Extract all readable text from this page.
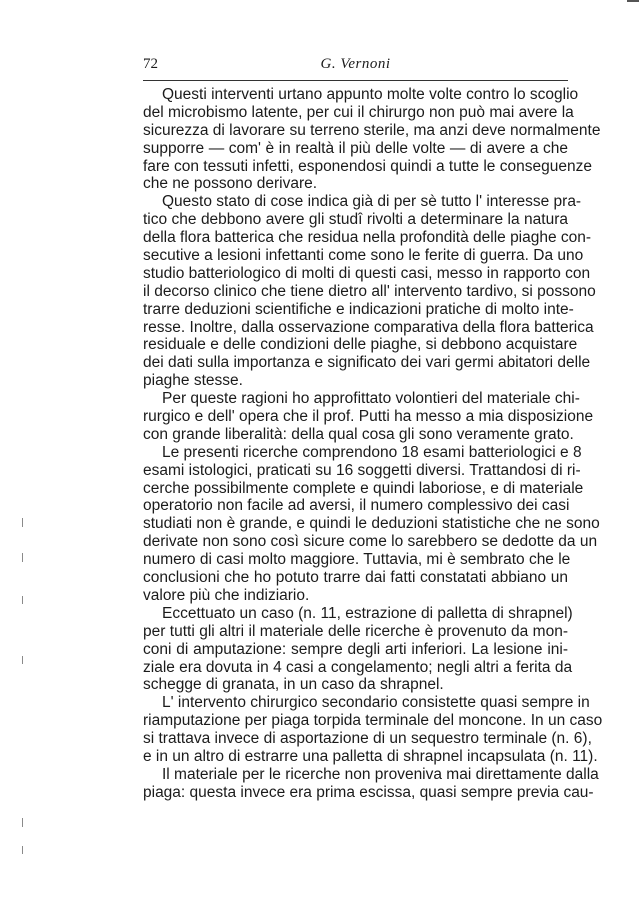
72	G. Vernoni
Questi interventi urtano appunto molte volte contro lo scoglio
del microbismo latente, per cui il chirurgo non può mai avere la
sicurezza di lavorare su terreno sterile, ma anzi deve normalmente
supporre — com' è in realtà il più delle volte — di avere a che
fare con tessuti infetti, esponendosi quindi a tutte le conseguenze
che ne possono derivare.
Questo stato di cose indica già di per sè tutto l' interesse pra-
tico che debbono avere gli studî rivolti a determinare la natura
della flora batterica che residua nella profondità delle piaghe con-
secutive a lesioni infettanti come sono le ferite di guerra. Da uno
studio batteriologico di molti di questi casi, messo in rapporto con
il decorso clinico che tiene dietro all' intervento tardivo, si possono
trarre deduzioni scientifiche e indicazioni pratiche di molto inte-
resse. Inoltre, dalla osservazione comparativa della flora batterica
residuale e delle condizioni delle piaghe, si debbono acquistare
dei dati sulla importanza e significato dei vari germi abitatori delle
piaghe stesse.
Per queste ragioni ho approfittato volontieri del materiale chi-
rurgico e dell' opera che il prof. Putti ha messo a mia disposizione
con grande liberalità: della qual cosa gli sono veramente grato.
Le presenti ricerche comprendono 18 esami batteriologici e 8
esami istologici, praticati su 16 soggetti diversi. Trattandosi di ri-
cerche possibilmente complete e quindi laboriose, e di materiale
operatorio non facile ad aversi, il numero complessivo dei casi
studiati non è grande, e quindi le deduzioni statistiche che ne sono
derivate non sono così sicure come lo sarebbero se dedotte da un
numero di casi molto maggiore. Tuttavia, mi è sembrato che le
conclusioni che ho potuto trarre dai fatti constatati abbiano un
valore più che indiziario.
Eccettuato un caso (n. 11, estrazione di palletta di shrapnel)
per tutti gli altri il materiale delle ricerche è provenuto da mon-
coni di amputazione: sempre degli arti inferiori. La lesione ini-
ziale era dovuta in 4 casi a congelamento; negli altri a ferita da
schegge di granata, in un caso da shrapnel.
L' intervento chirurgico secondario consistette quasi sempre in
riamputazione per piaga torpida terminale del moncone. In un caso
si trattava invece di asportazione di un sequestro terminale (n. 6),
e in un altro di estrarre una palletta di shrapnel incapsulata (n. 11).
Il materiale per le ricerche non proveniva mai direttamente dalla
piaga: questa invece era prima escissa, quasi sempre previa cau-
